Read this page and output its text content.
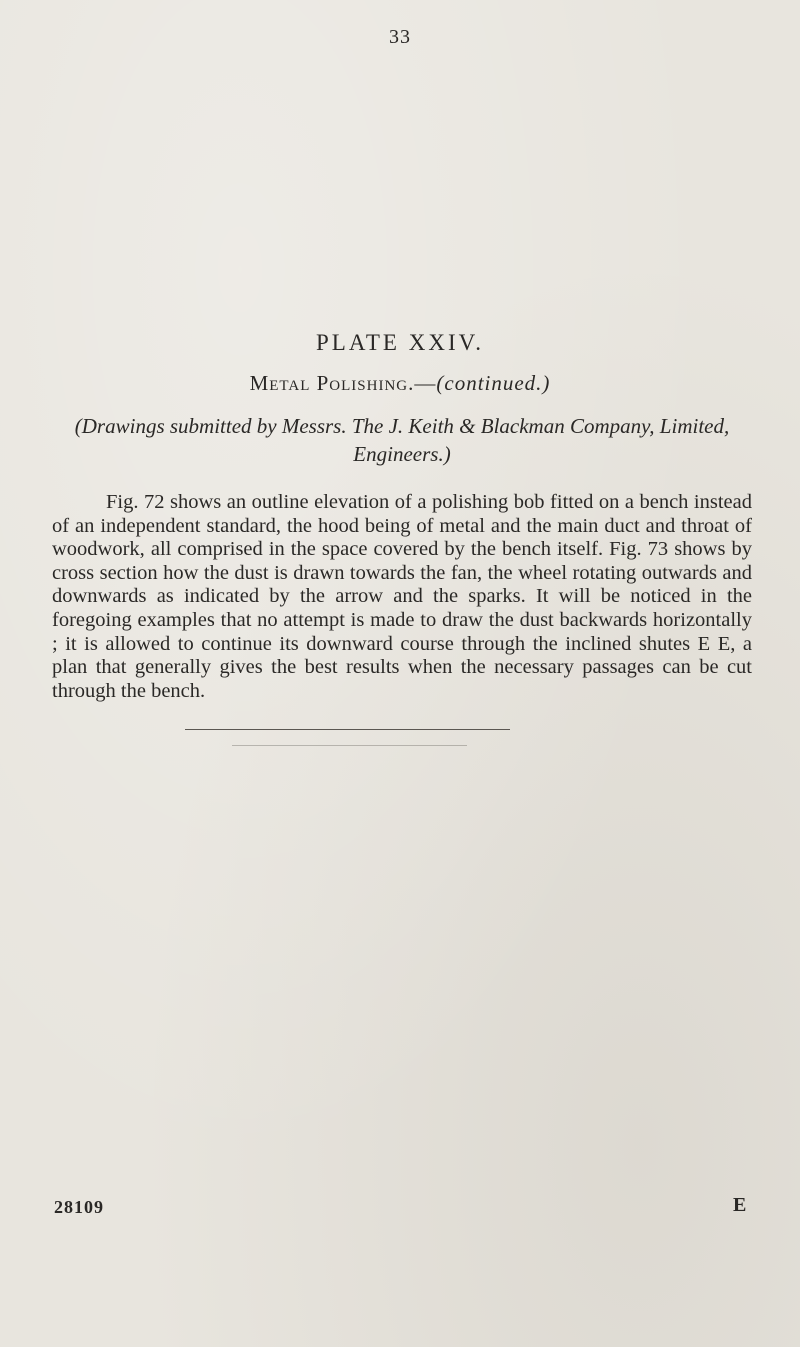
33
PLATE XXIV.
Metal Polishing.—(continued.)
(Drawings submitted by Messrs. The J. Keith & Blackman Company, Limited, Engineers.)

Fig. 72 shows an outline elevation of a polishing bob fitted on a bench instead of an independent standard, the hood being of metal and the main duct and throat of woodwork, all comprised in the space covered by the bench itself. Fig. 73 shows by cross section how the dust is drawn towards the fan, the wheel rotating outwards and downwards as indicated by the arrow and the sparks. It will be noticed in the foregoing examples that no attempt is made to draw the dust backwards horizontally ; it is allowed to continue its downward course through the inclined shutes E E, a plan that generally gives the best results when the necessary passages can be cut through the bench.

28109	E
